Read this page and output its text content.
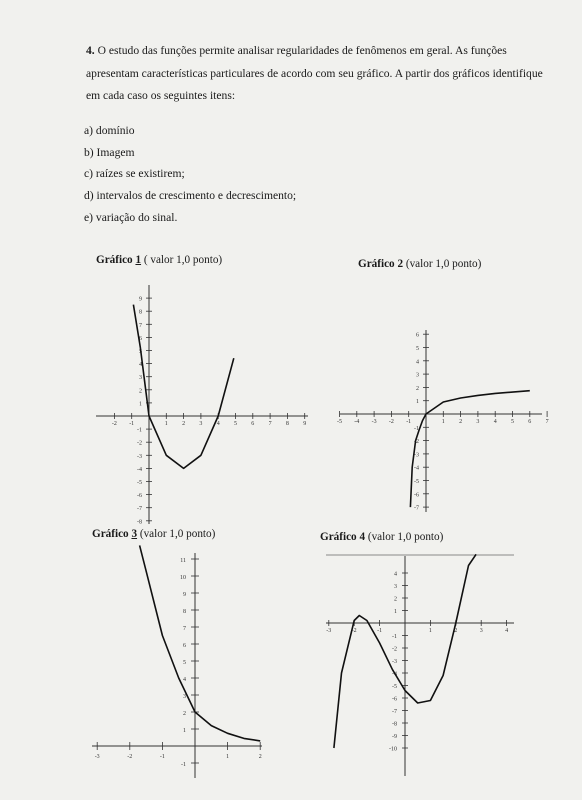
4. O estudo das funções permite analisar regularidades de fenômenos em geral. As funções apresentam características particulares de acordo com seu gráfico. A partir dos gráficos identifique em cada caso os seguintes itens:
a) domínio
b) Imagem
c) raízes se existirem;
d) intervalos de crescimento e decrescimento;
e) variação do sinal.
Gráfico 1 ( valor 1,0 ponto)	Gráfico 2 (valor 1,0 ponto)
Gráfico 3 (valor 1,0 ponto)	Gráfico 4 (valor 1,0 ponto)
-2 -1	1 2 3 4 5 6 7 8 9
-8
-7
-6
-5
-4
-3
-2
-1
1
2
3
4
5
6
7
8
9
-5 -4 -3 -2 -1	1 2 3 4 5 6 7
-7
-6
-5
-4
-3
-2
-1
1
2
3
4
5
6
-3	-2	-1	1	2
-1
1
2
3
4
5
6
7
8
9
10
11
-3	-2	-1	1	2	3	4
-10
-9
-8
-7
-6
-5
-4
-3
-2
-1
1
2
3
4
